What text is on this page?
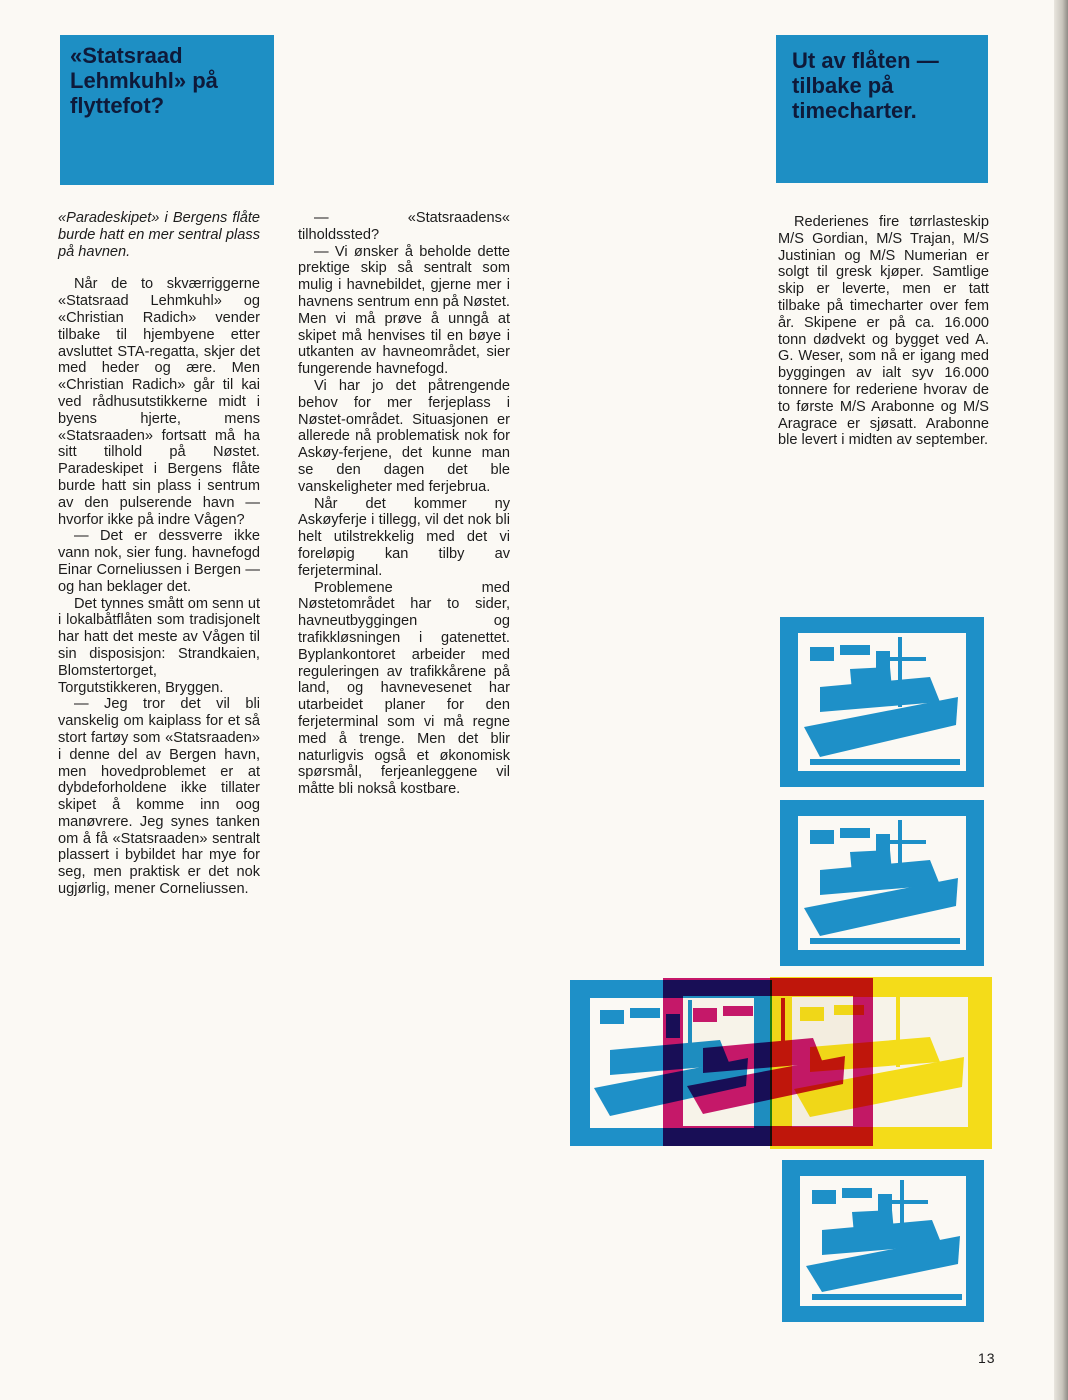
«Statsraad Lehmkuhl» på flyttefot?
Ut av flåten — tilbake på timecharter.

«Paradeskipet» i Bergens flåte burde hatt en mer sentral plass på havnen.

Når de to skværriggerne «Statsraad Lehmkuhl» og «Christian Radich» vender tilbake til hjembyene etter avsluttet STA-regatta, skjer det med heder og ære. Men «Christian Radich» går til kai ved rådhusutstikkerne midt i byens hjerte, mens «Statsraaden» fortsatt må ha sitt tilhold på Nøstet. Paradeskipet i Bergens flåte burde hatt sin plass i sentrum av den pulserende havn — hvorfor ikke på indre Vågen?

— Det er dessverre ikke vann nok, sier fung. havnefogd Einar Corneliussen i Bergen — og han beklager det.

Det tynnes smått om senn ut i lokalbåtflåten som tradisjonelt har hatt det meste av Vågen til sin disposisjon: Strandkaien, Blomstertorget, Torgutstikkeren, Bryggen.

— Jeg tror det vil bli vanskelig om kaiplass for et så stort fartøy som «Statsraaden» i denne del av Bergen havn, men hovedproblemet er at dybdeforholdene ikke tillater skipet å komme inn oog manøvrere. Jeg synes tanken om å få «Statsraaden» sentralt plassert i bybildet har mye for seg, men praktisk er det nok ugjørlig, mener Corneliussen.

— «Statsraadens« tilholdssted?

— Vi ønsker å beholde dette prektige skip så sentralt som mulig i havnebildet, gjerne mer i havnens sentrum enn på Nøstet. Men vi må prøve å unngå at skipet må henvises til en bøye i utkanten av havneområdet, sier fungerende havnefogd.

Vi har jo det påtrengende behov for mer ferjeplass i Nøstet-området. Situasjonen er allerede nå problematisk nok for Askøy-ferjene, det kunne man se den dagen det ble vanskeligheter med ferjebrua.

Når det kommer ny Askøyferje i tillegg, vil det nok bli helt utilstrekkelig med det vi foreløpig kan tilby av ferjeterminal.

Problemene med Nøstetområdet har to sider, havneutbyggingen og trafikkløsningen i gatenettet. Byplankontoret arbeider med reguleringen av trafikkårene på land, og havnevesenet har utarbeidet planer for den ferjeterminal som vi må regne med å trenge. Men det blir naturligvis også et økonomisk spørsmål, ferjeanleggene vil måtte bli nokså kostbare.

Rederienes fire tørrlasteskip M/S Gordian, M/S Trajan, M/S Justinian og M/S Numerian er solgt til gresk kjøper. Samtlige skip er leverte, men er tatt tilbake på timecharter over fem år. Skipene er på ca. 16.000 tonn dødvekt og bygget ved A. G. Weser, som nå er igang med byggingen av ialt syv 16.000 tonnere for rederiene hvorav de to første M/S Arabonne og M/S Aragrace er sjøsatt. Arabonne ble levert i midten av september.

13
